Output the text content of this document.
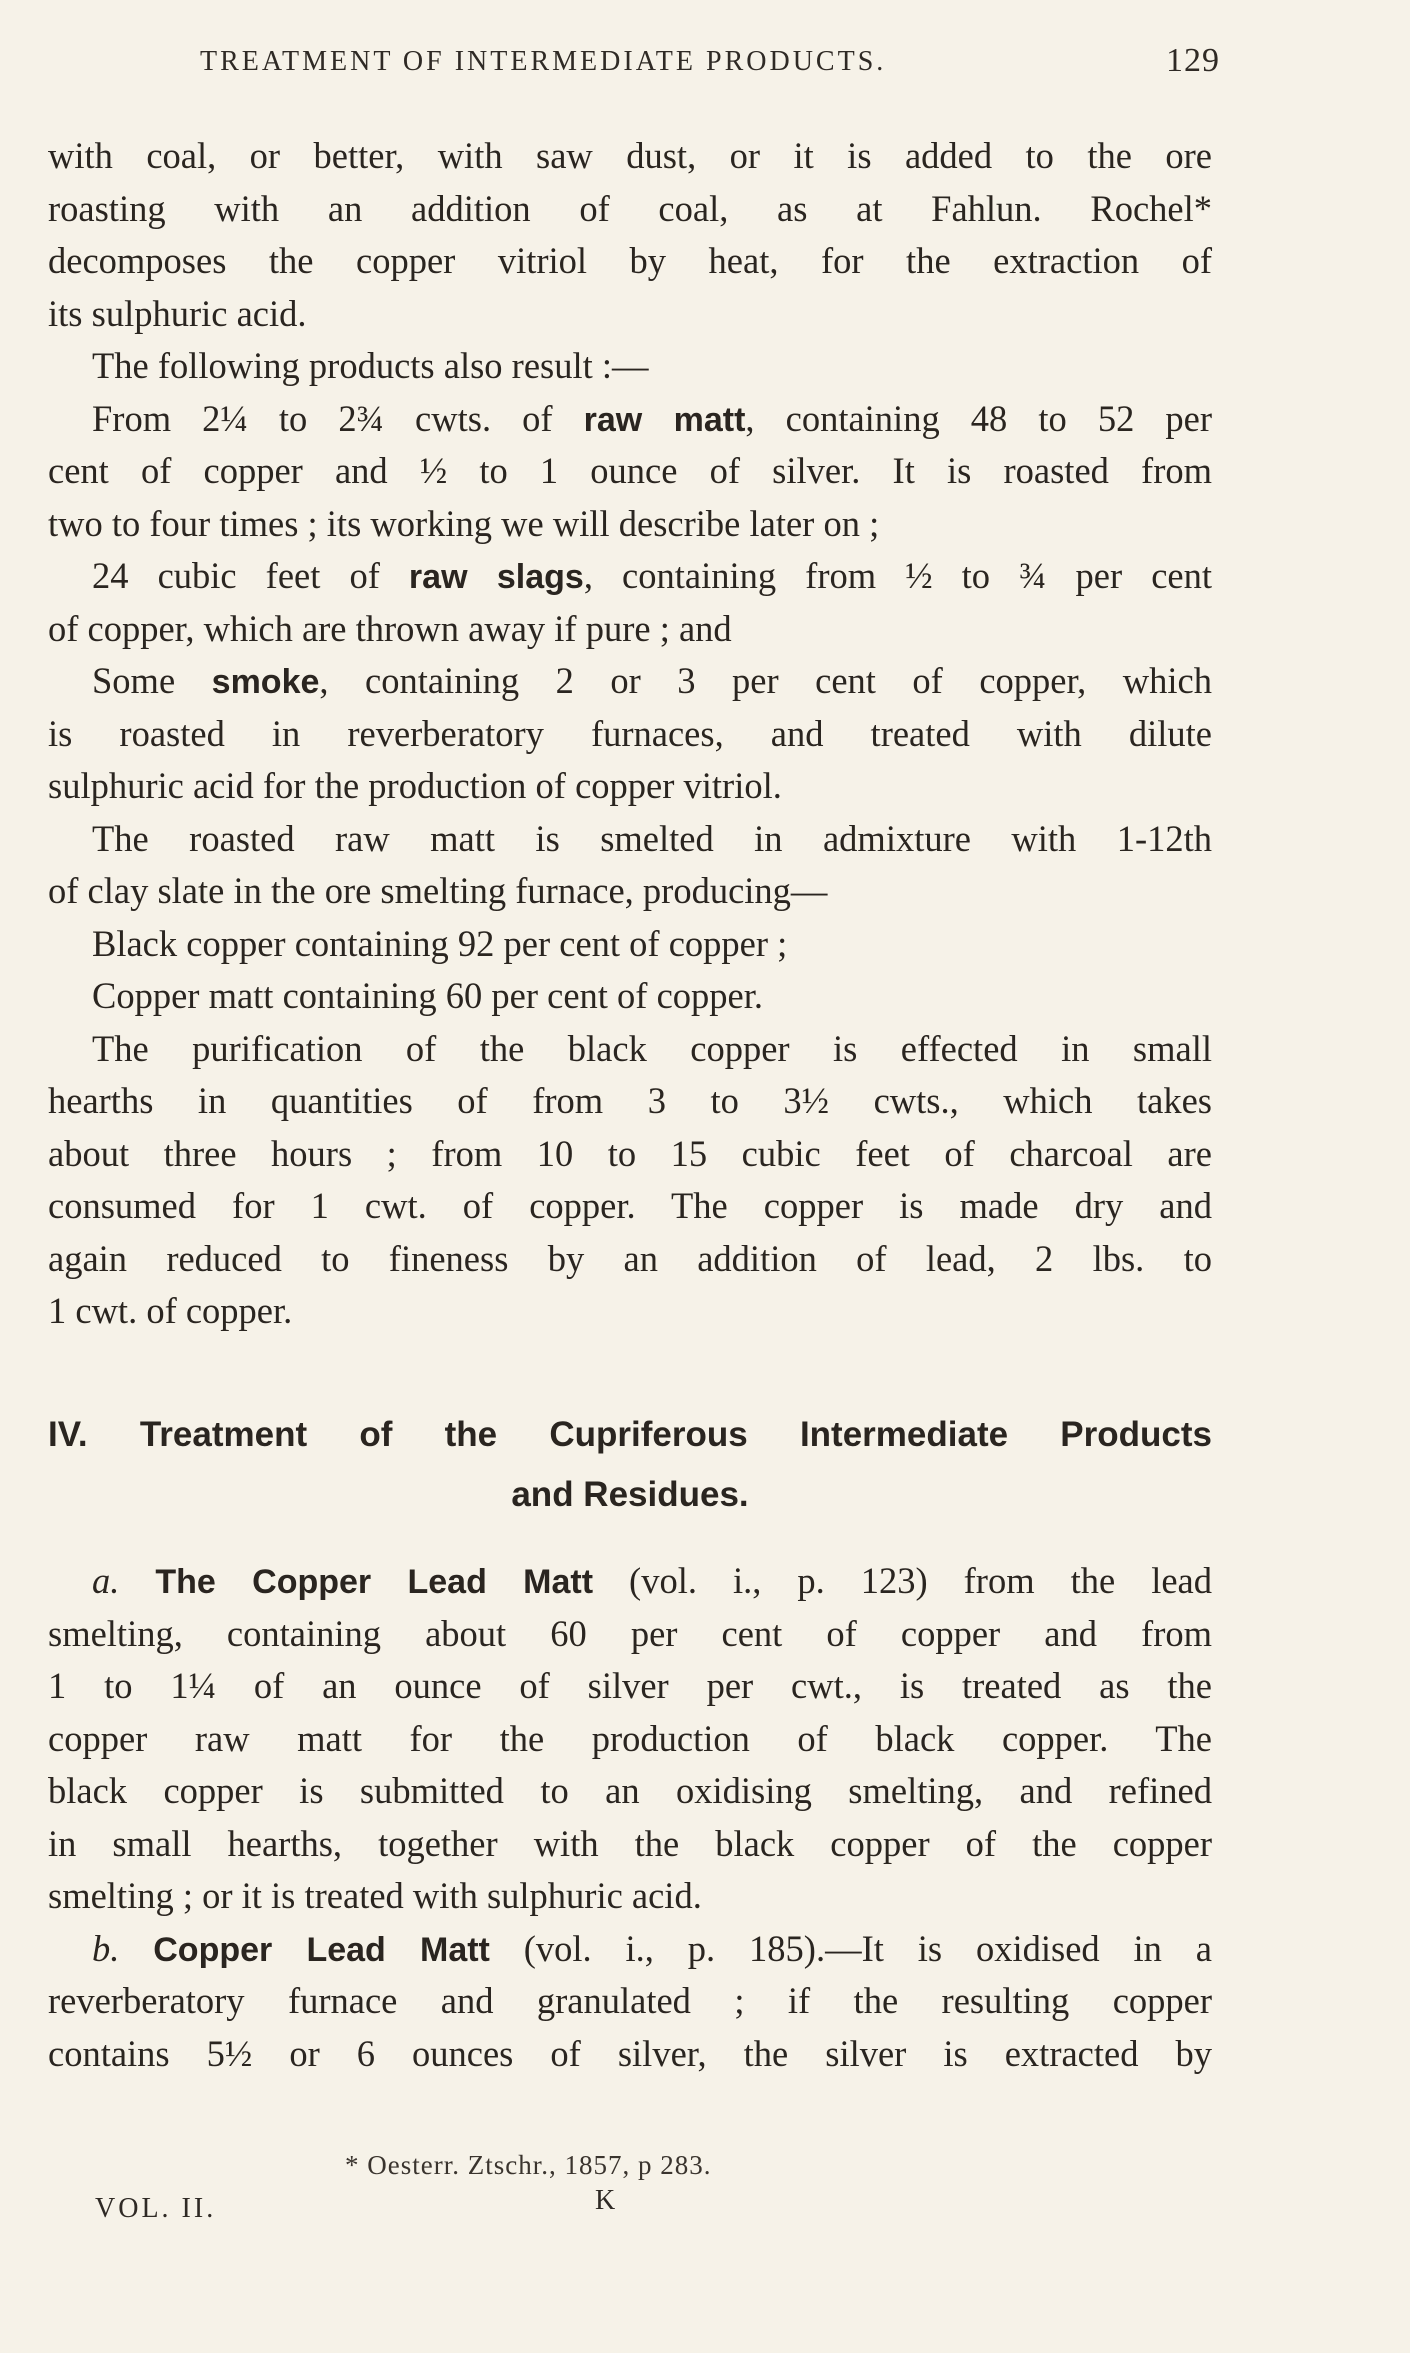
TREATMENT OF INTERMEDIATE PRODUCTS.	129
with coal, or better, with saw dust, or it is added to the ore
roasting with an addition of coal, as at Fahlun. Rochel*
decomposes the copper vitriol by heat, for the extraction of
its sulphuric acid.
The following products also result :—
From 2¼ to 2¾ cwts. of raw matt, containing 48 to 52 per
cent of copper and ½ to 1 ounce of silver. It is roasted from
two to four times ; its working we will describe later on ;
24 cubic feet of raw slags, containing from ½ to ¾ per cent
of copper, which are thrown away if pure ; and
Some smoke, containing 2 or 3 per cent of copper, which
is roasted in reverberatory furnaces, and treated with dilute
sulphuric acid for the production of copper vitriol.
The roasted raw matt is smelted in admixture with 1-12th
of clay slate in the ore smelting furnace, producing—
Black copper containing 92 per cent of copper ;
Copper matt containing 60 per cent of copper.
The purification of the black copper is effected in small
hearths in quantities of from 3 to 3½ cwts., which takes
about three hours ; from 10 to 15 cubic feet of charcoal are
consumed for 1 cwt. of copper. The copper is made dry and
again reduced to fineness by an addition of lead, 2 lbs. to
1 cwt. of copper.
IV. Treatment of the Cupriferous Intermediate Products
and Residues.
a. The Copper Lead Matt (vol. i., p. 123) from the lead
smelting, containing about 60 per cent of copper and from
1 to 1¼ of an ounce of silver per cwt., is treated as the
copper raw matt for the production of black copper. The
black copper is submitted to an oxidising smelting, and refined
in small hearths, together with the black copper of the copper
smelting ; or it is treated with sulphuric acid.
b. Copper Lead Matt (vol. i., p. 185).—It is oxidised in a
reverberatory furnace and granulated ; if the resulting copper
contains 5½ or 6 ounces of silver, the silver is extracted by
* Oesterr. Ztschr., 1857, p 283.
VOL. II.	K
